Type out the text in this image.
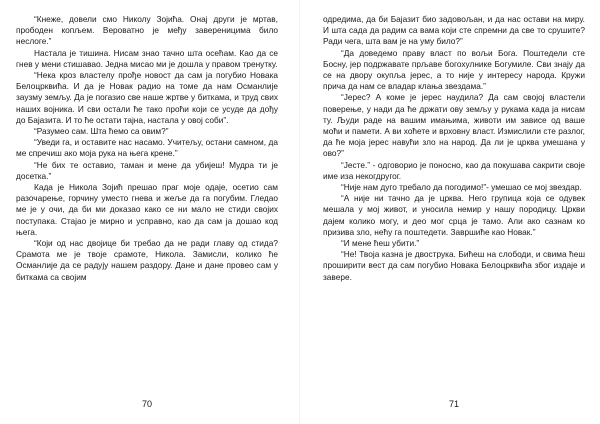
“Кнеже, довели смо Николу Зојића. Онај други је мртав, прободен копљем. Вероватно је међу завереницима било неслоге.”

Настала је тишина. Нисам знао тачно шта осећам. Као да се гнев у мени стишавао. Једна мисао ми је дошла у правом тренутку.

“Нека кроз властелу прође новост да сам ја погубио Новака Белоцрквића. И да је Новак радио на томе да нам Османлије заузму земљу. Да је погазио све наше жртве у биткама, и труд свих наших војника. И сви остали ће тако проћи који се усуде да дођу до Бајазита. И то ће остати тајна, настала у овој соби”.

“Разумео сам. Шта ћемо са овим?”

“Уведи га, и оставите нас насамо. Учитељу, остани самном, да ме спречиш ако моја рука на њега крене.”

“Не бих те оставио, таман и мене да убијеш! Мудра ти је досетка.”

Када је Никола Зојић прешао праг моје одаје, осетио сам разочарење, горчину уместо гнева и жеље да га погубим. Гледао ме је у очи, да би ми доказао како се ни мало не стиди својих поступака. Стајао је мирно и усправно, као да сам ја дошао код њега.

“Који од нас двојице би требао да не ради главу од стида? Срамота ме је твоје срамоте, Никола. Замисли, колико ће Османлије да се радују нашем раздору. Дане и дане провео сам у биткама са својим

70

одредима, да би Бајазит био задовољан, и да нас остави на миру. И шта сада да радим са вама који сте спремни да све то срушите? Ради чега, шта вам је на уму било?”

“Да доведемо праву власт по вољи Бога. Поштедели сте Босну, јер подржавате прљаве богохулнике Богумиле. Сви знају да се на двору окупља јерес, а то није у интересу народа. Кружи прича да нам се владар клања звездама.”

“Јерес? А коме је јерес наудила? Да сам својој властели поверење, у нади да ће држати ову земљу у рукама када ја нисам ту. Људи раде на вашим имањима, животи им зависе од ваше моћи и памети. А ви хоћете и врховну власт. Измислили сте разлог, да ће моја јерес навући зло на народ. Да ли је црква умешана у ово?”

“Јесте.” - одговорио је поносно, као да покушава сакрити своје име иза некогдругог.

“Није нам дуго требало да погодимо!”- умешао се мој звездар.

“А није ни тачно да је црква. Него групица која се одувек мешала у мој живот, и уносила немир у нашу породицу. Цркви дајем колико могу, и део мог срца је тамо. Али ако сазнам ко призива зло, нећу га поштедети. Завршиће као Новак.”

“И мене ћеш убити.”

“Не! Твоја казна је двострука. Бићеш на слободи, и свима ћеш проширити вест да сам погубио Новака Белоцрквића због издаје и завере.

71
